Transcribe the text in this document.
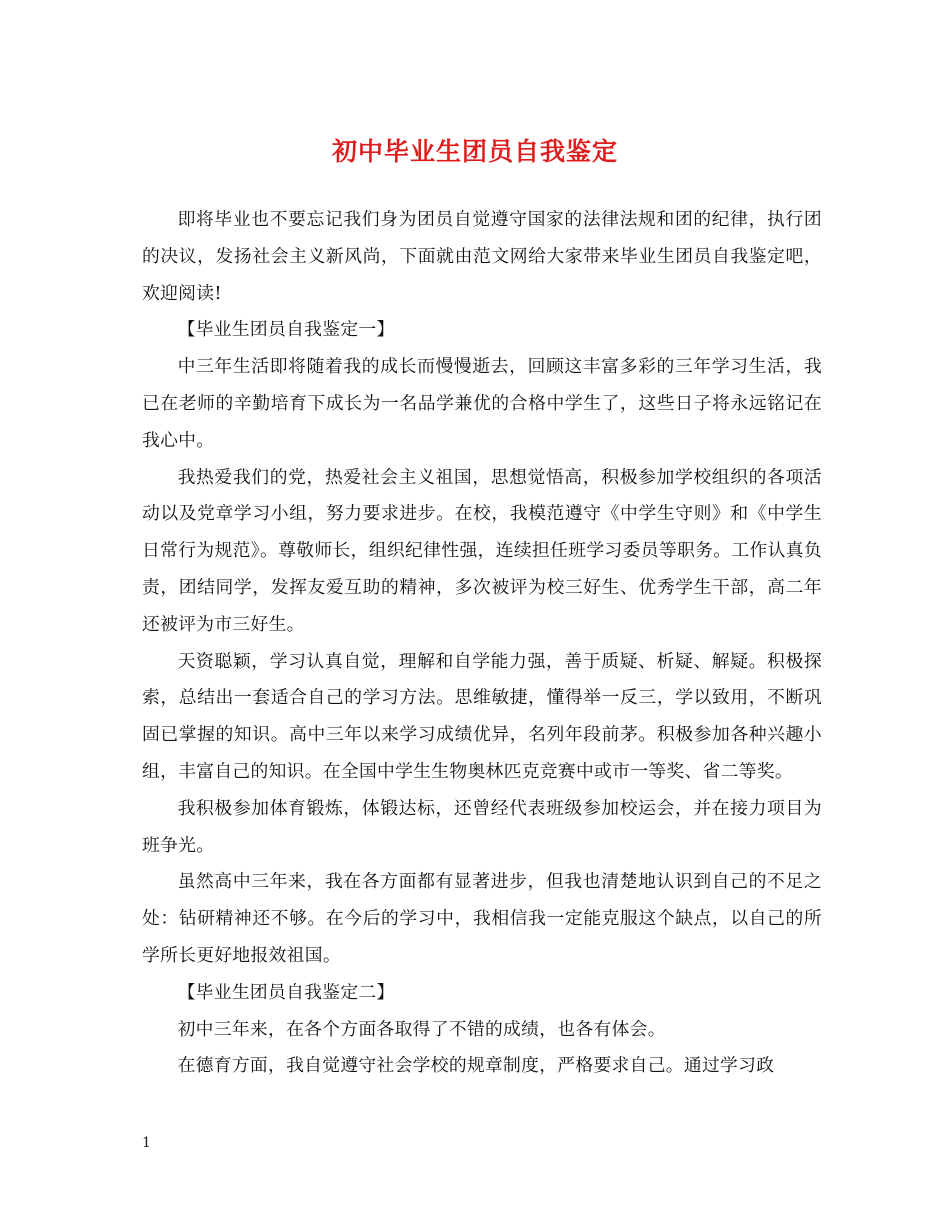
初中毕业生团员自我鉴定

即将毕业也不要忘记我们身为团员自觉遵守国家的法律法规和团的纪律，执行团的决议，发扬社会主义新风尚，下面就由范文网给大家带来毕业生团员自我鉴定吧，欢迎阅读!

【毕业生团员自我鉴定一】

中三年生活即将随着我的成长而慢慢逝去，回顾这丰富多彩的三年学习生活，我已在老师的辛勤培育下成长为一名品学兼优的合格中学生了，这些日子将永远铭记在我心中。

我热爱我们的党，热爱社会主义祖国，思想觉悟高，积极参加学校组织的各项活动以及党章学习小组，努力要求进步。在校，我模范遵守《中学生守则》和《中学生日常行为规范》。尊敬师长，组织纪律性强，连续担任班学习委员等职务。工作认真负责，团结同学，发挥友爱互助的精神，多次被评为校三好生、优秀学生干部，高二年还被评为市三好生。

天资聪颖，学习认真自觉，理解和自学能力强，善于质疑、析疑、解疑。积极探索，总结出一套适合自己的学习方法。思维敏捷，懂得举一反三，学以致用，不断巩固已掌握的知识。高中三年以来学习成绩优异，名列年段前茅。积极参加各种兴趣小组，丰富自己的知识。在全国中学生生物奥林匹克竞赛中或市一等奖、省二等奖。

我积极参加体育锻炼，体锻达标，还曾经代表班级参加校运会，并在接力项目为班争光。

虽然高中三年来，我在各方面都有显著进步，但我也清楚地认识到自己的不足之处：钻研精神还不够。在今后的学习中，我相信我一定能克服这个缺点，以自己的所学所长更好地报效祖国。

【毕业生团员自我鉴定二】

初中三年来，在各个方面各取得了不错的成绩，也各有体会。

在德育方面，我自觉遵守社会学校的规章制度，严格要求自己。通过学习政

1
